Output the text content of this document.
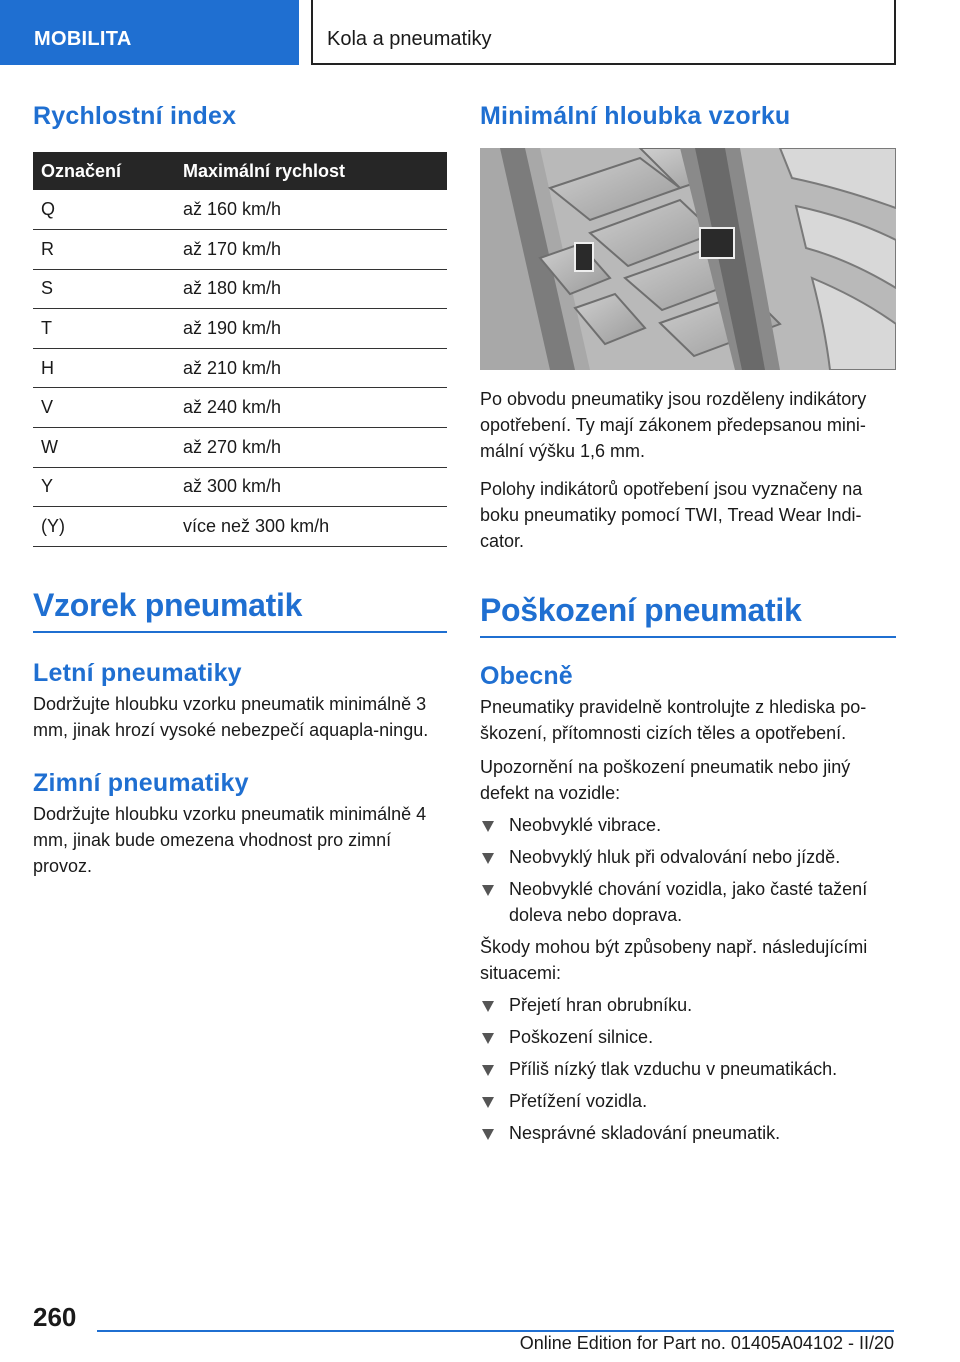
MOBILITA	Kola a pneumatiky
Rychlostní index
Označení	Maximální rychlost
Q	až 160 km/h
R	až 170 km/h
S	až 180 km/h
T	až 190 km/h
H	až 210 km/h
V	až 240 km/h
W	až 270 km/h
Y	až 300 km/h
(Y)	více než 300 km/h
Vzorek pneumatik
Letní pneumatiky

Dodržujte hloubku vzorku pneumatik minimálně 3 mm, jinak hrozí vysoké nebezpečí aquapla‐ningu.

Zimní pneumatiky

Dodržujte hloubku vzorku pneumatik minimálně 4 mm, jinak bude omezena vhodnost pro zimní provoz.

Minimální hloubka vzorku

Po obvodu pneumatiky jsou rozděleny indikátory opotřebení. Ty mají zákonem předepsanou mini‐mální výšku 1,6 mm.

Polohy indikátorů opotřebení jsou vyznačeny na boku pneumatiky pomocí TWI, Tread Wear Indi‐cator.

Poškození pneumatik
Obecně

Pneumatiky pravidelně kontrolujte z hlediska po‐škození, přítomnosti cizích těles a opotřebení.

Upozornění na poškození pneumatik nebo jiný defekt na vozidle:

Neobvyklé vibrace.
Neobvyklý hluk při odvalování nebo jízdě.
Neobvyklé chování vozidla, jako časté tažení doleva nebo doprava.

Škody mohou být způsobeny např. následujícími situacemi:

Přejetí hran obrubníku.
Poškození silnice.
Příliš nízký tlak vzduchu v pneumatikách.
Přetížení vozidla.
Nesprávné skladování pneumatik.
260
Online Edition for Part no. 01405A04102 - II/20
